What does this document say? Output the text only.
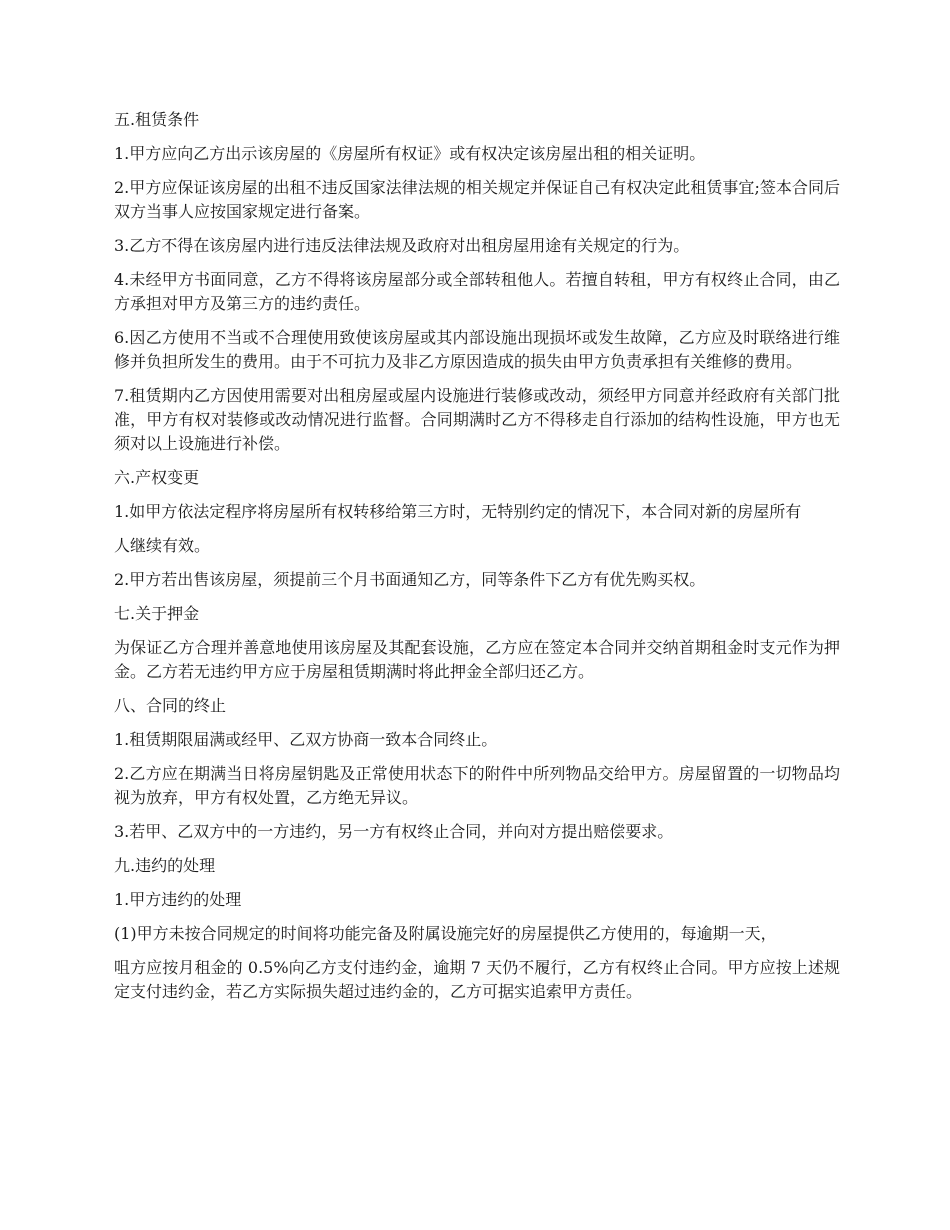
五.租赁条件

1.甲方应向乙方出示该房屋的《房屋所有权证》或有权决定该房屋出租的相关证明。

2.甲方应保证该房屋的出租不违反国家法律法规的相关规定并保证自己有权决定此租赁事宜;签本合同后双方当事人应按国家规定进行备案。

3.乙方不得在该房屋内进行违反法律法规及政府对出租房屋用途有关规定的行为。

4.未经甲方书面同意，乙方不得将该房屋部分或全部转租他人。若擅自转租，甲方有权终止合同，由乙方承担对甲方及第三方的违约责任。

6.因乙方使用不当或不合理使用致使该房屋或其内部设施出现损坏或发生故障，乙方应及时联络进行维修并负担所发生的费用。由于不可抗力及非乙方原因造成的损失由甲方负责承担有关维修的费用。

7.租赁期内乙方因使用需要对出租房屋或屋内设施进行装修或改动，须经甲方同意并经政府有关部门批准，甲方有权对装修或改动情况进行监督。合同期满时乙方不得移走自行添加的结构性设施，甲方也无须对以上设施进行补偿。

六.产权变更

1.如甲方依法定程序将房屋所有权转移给第三方时，无特别约定的情况下，本合同对新的房屋所有

人继续有效。

2.甲方若出售该房屋，须提前三个月书面通知乙方，同等条件下乙方有优先购买权。

七.关于押金

为保证乙方合理并善意地使用该房屋及其配套设施，乙方应在签定本合同并交纳首期租金时支元作为押金。乙方若无违约甲方应于房屋租赁期满时将此押金全部归还乙方。

八、合同的终止

1.租赁期限届满或经甲、乙双方协商一致本合同终止。

2.乙方应在期满当日将房屋钥匙及正常使用状态下的附件中所列物品交给甲方。房屋留置的一切物品均视为放弃，甲方有权处置，乙方绝无异议。

3.若甲、乙双方中的一方违约，另一方有权终止合同，并向对方提出赔偿要求。

九.违约的处理

1.甲方违约的处理

(1)甲方未按合同规定的时间将功能完备及附属设施完好的房屋提供乙方使用的，每逾期一天，

咀方应按月租金的 0.5%向乙方支付违约金，逾期 7 天仍不履行，乙方有权终止合同。甲方应按上述规定支付违约金，若乙方实际损失超过违约金的，乙方可据实追索甲方责任。
